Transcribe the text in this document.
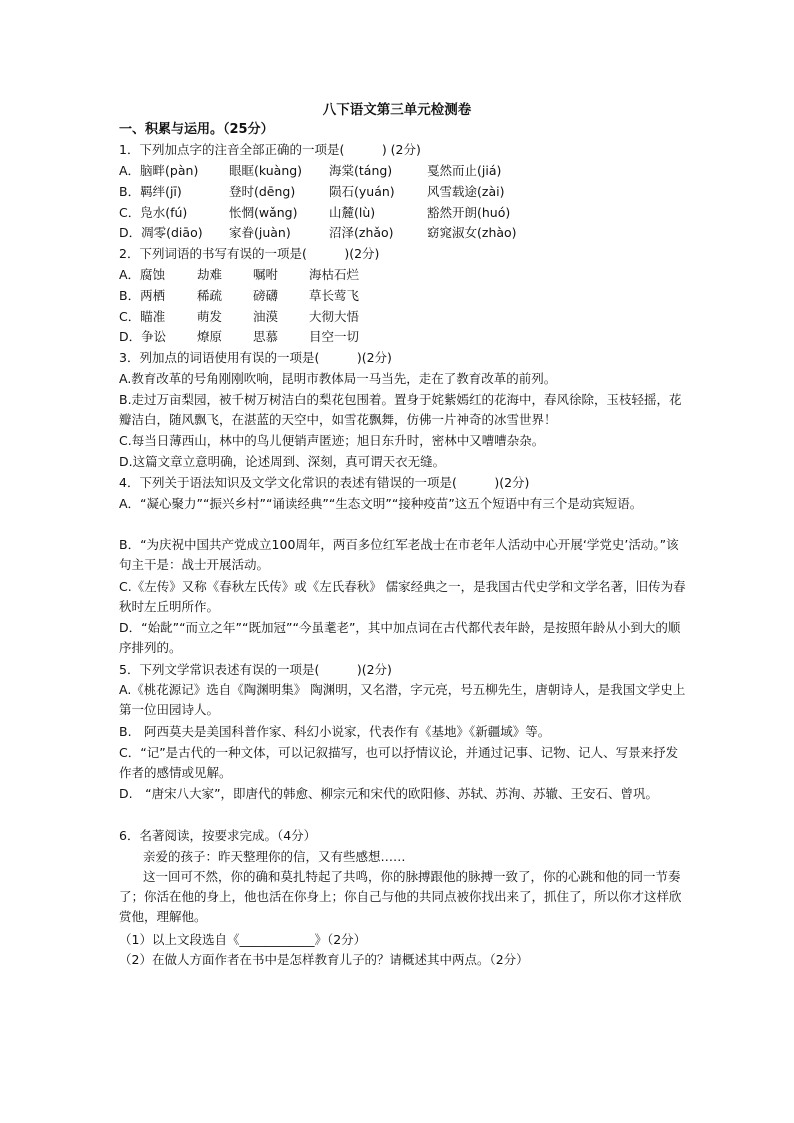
八下语文第三单元检测卷
一、积累与运用。（25分）
1．下列加点字的注音全部正确的一项是(　　　) (2分)
A．脑畔(pàn) 眼眶(kuàng) 海棠(táng)	戛然而止(jiá)
B．羁绊(jī)	登时(dēng)	陨石(yuán)	风雪载途(zài)
C．凫水(fú)	怅惘(wǎng)	山麓(lù)	豁然开朗(huó)
D．凋零(diāo) 家眷(juàn)	沼泽(zhǎo)	窈窕淑女(zhào)
2．下列词语的书写有误的一项是(　　　)(2分)
A．腐蚀	劫难 嘱咐 海枯石烂
B．两栖	稀疏 磅礴 草长莺飞
C．瞄准	萌发 油漠 大彻大悟
D．争讼 燎原 思慕 目空一切
3．列加点的词语使用有误的一项是(　　　)(2分)
A.教育改革的号角刚刚吹响，昆明市教体局一马当先，走在了教育改革的前列。
B.走过万亩梨园，被千树万树洁白的梨花包围着。置身于姹紫嫣红的花海中，春风徐除，玉枝轻摇，花瓣洁白，随风飘飞，在湛蓝的天空中，如雪花飘舞，仿佛一片神奇的冰雪世界！
C.每当日薄西山，林中的鸟儿便销声匿迹；旭日东升时，密林中又嘈嘈杂杂。
D.这篇文章立意明确，论述周到、深刻，真可谓天衣无缝。
4．下列关于语法知识及文学文化常识的表述有错误的一项是(　　　)(2分)
A．“凝心聚力”“振兴乡村”“诵读经典”“生态文明”“接种疫苗”这五个短语中有三个是动宾短语。
B．“为庆祝中国共产党成立100周年，两百多位红军老战士在市老年人活动中心开展‘学党史’活动。”该句主干是：战士开展活动。
C.《左传》又称《春秋左氏传》或《左氏春秋》 儒家经典之一，是我国古代史学和文学名著，旧传为春秋时左丘明所作。
D．“始龀”“而立之年”“既加冠”“今虽耄老”，其中加点词在古代都代表年龄，是按照年龄从小到大的顺序排列的。
5．下列文学常识表述有误的一项是(　　　)(2分)
A.《桃花源记》选自《陶渊明集》 陶渊明，又名潜，字元亮，号五柳先生，唐朝诗人，是我国文学史上第一位田园诗人。
B.　阿西莫夫是美国科普作家、科幻小说家，代表作有《基地》《新疆域》等。
C．“记”是古代的一种文体，可以记叙描写，也可以抒情议论，并通过记事、记物、记人、写景来抒发作者的感情或见解。
D.　“唐宋八大家”，即唐代的韩愈、柳宗元和宋代的欧阳修、苏轼、苏洵、苏辙、王安石、曾巩。
6．名著阅读，按要求完成。（4分）
亲爱的孩子：昨天整理你的信，又有些感想……
这一回可不然，你的确和莫扎特起了共鸣，你的脉搏跟他的脉搏一致了，你的心跳和他的同一节奏了；你活在他的身上，他也活在你身上；你自己与他的共同点被你找出来了，抓住了，所以你才这样欣赏他，理解他。
（1）以上文段选自《____________》（2分）
（2）在做人方面作者在书中是怎样教育儿子的？请概述其中两点。（2分）
